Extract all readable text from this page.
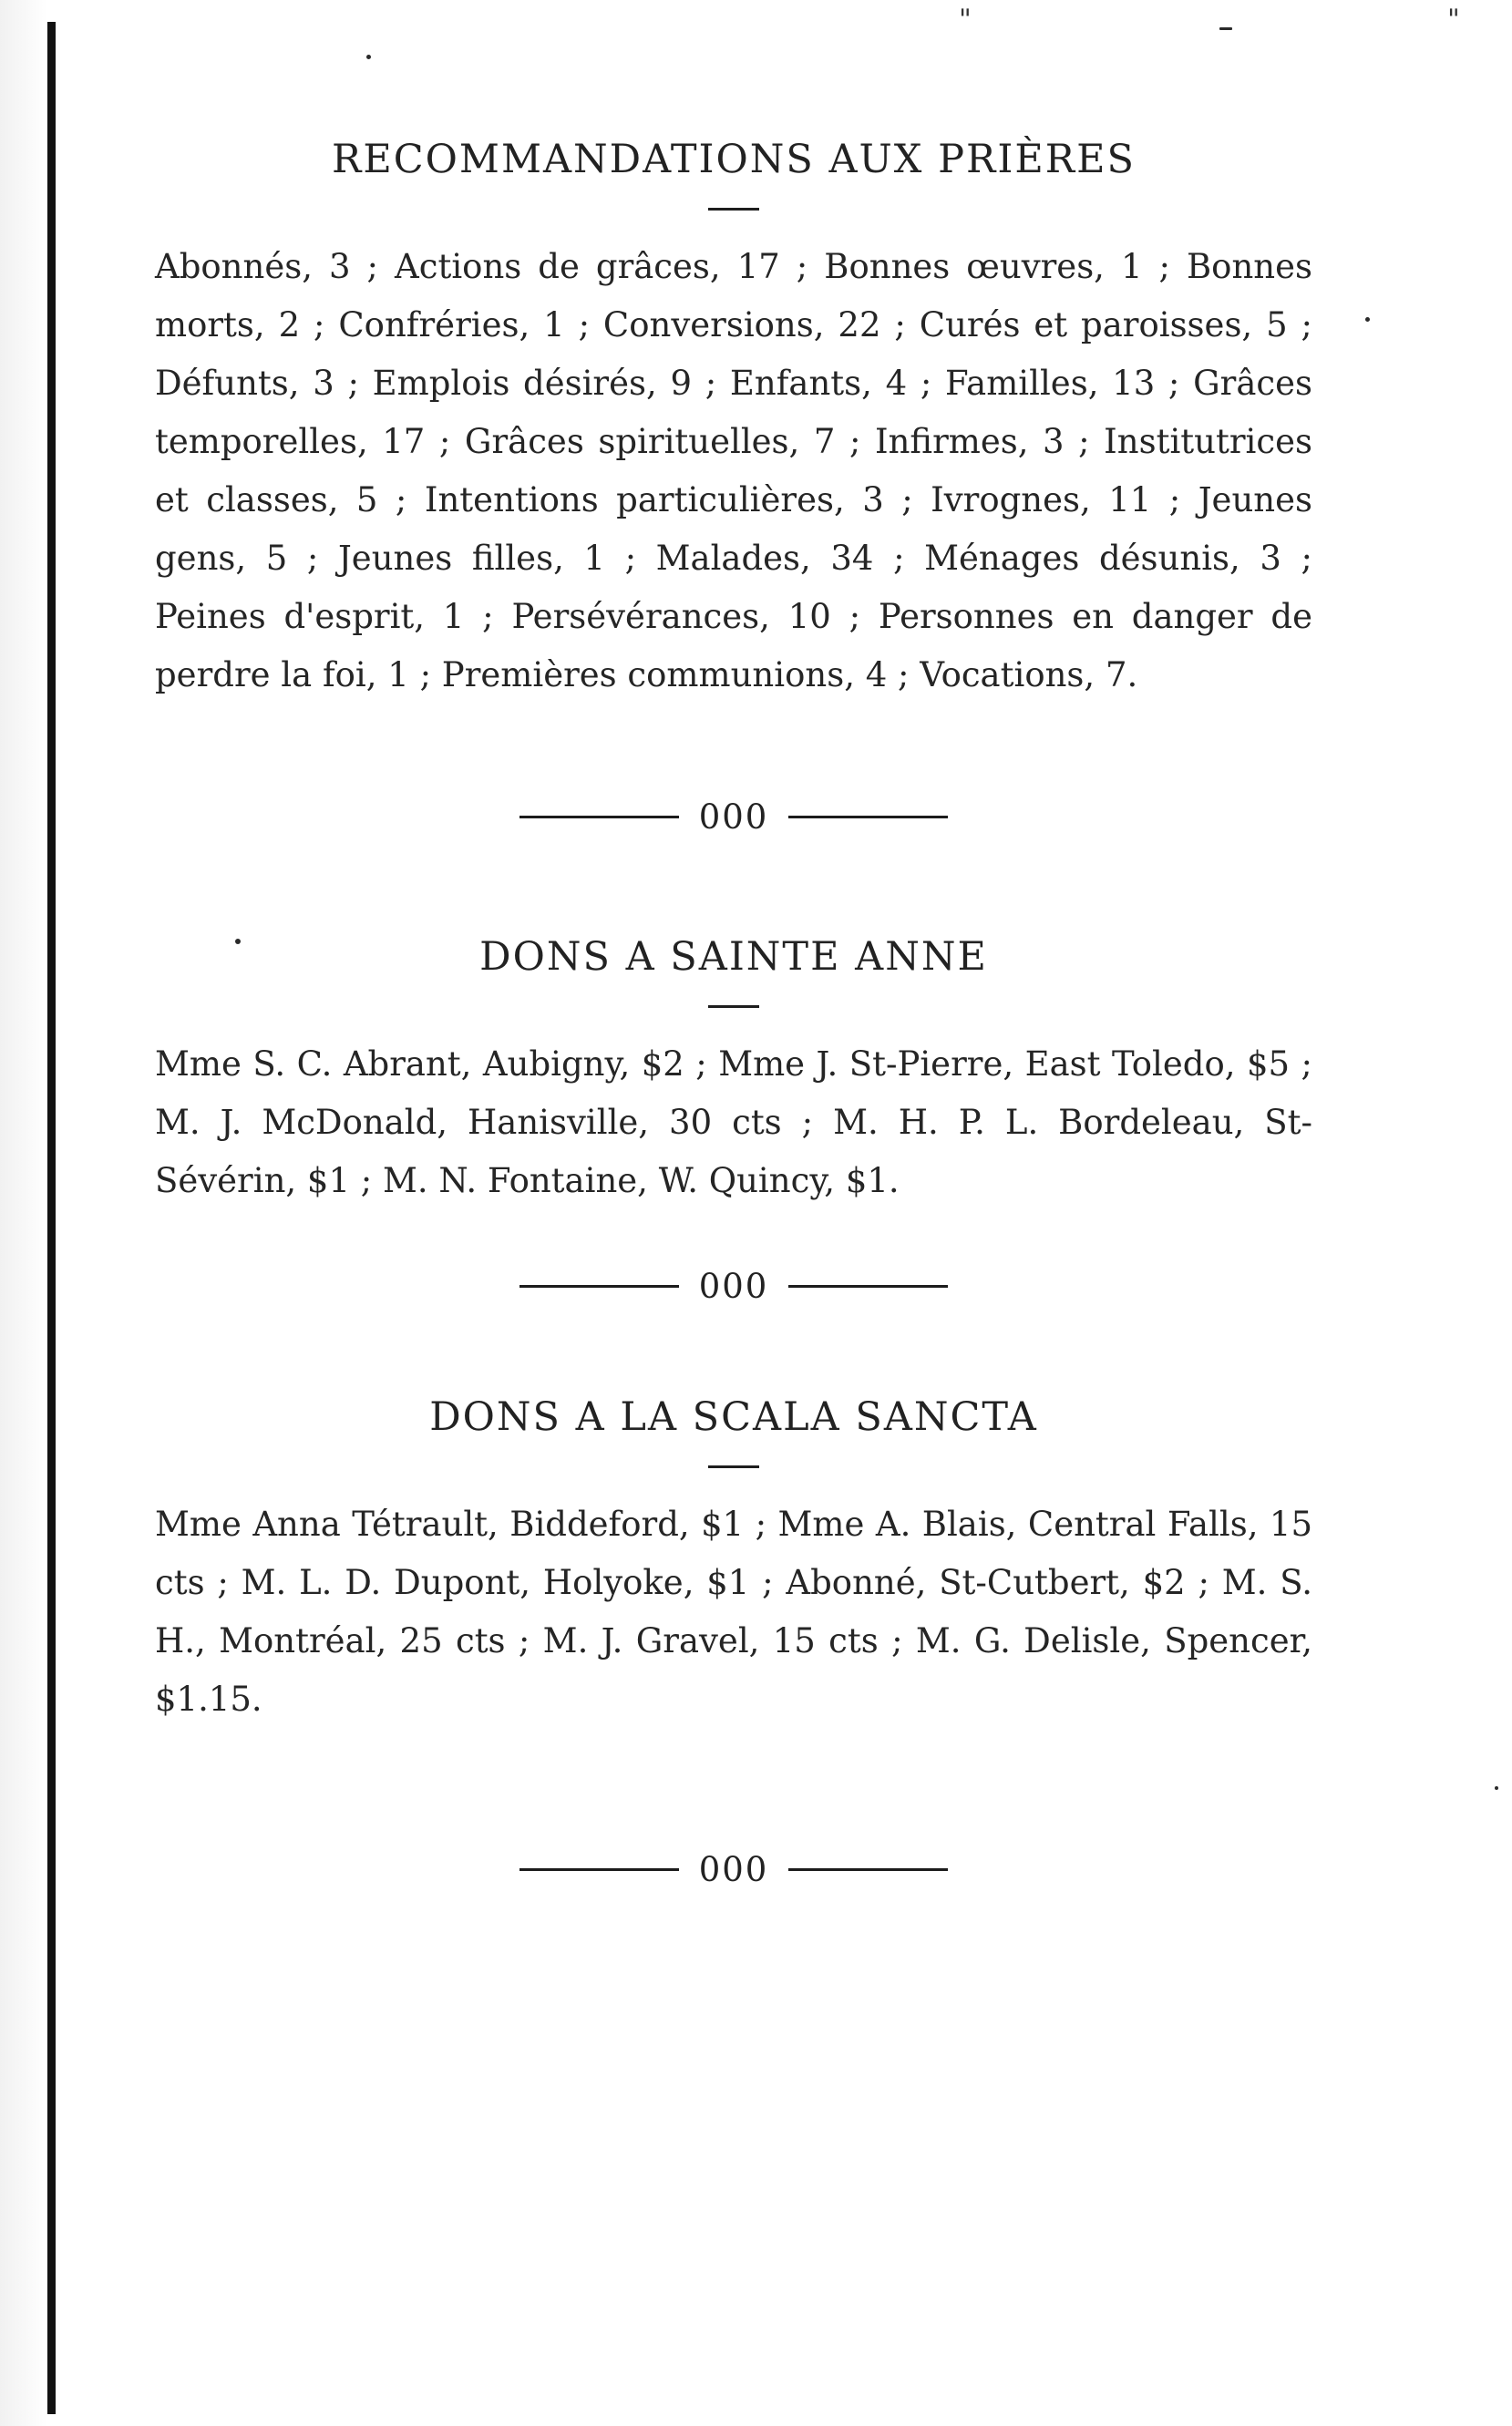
"	"
RECOMMANDATIONS AUX PRIÈRES

Abonnés, 3 ; Actions de grâces, 17 ; Bonnes œuvres, 1 ; Bonnes morts, 2 ; Confréries, 1 ; Conversions, 22 ; Curés et paroisses, 5 ; Défunts, 3 ; Emplois désirés, 9 ; Enfants, 4 ; Familles, 13 ; Grâces temporelles, 17 ; Grâces spirituelles, 7 ; Infirmes, 3 ; Institutrices et classes, 5 ; Intentions particulières, 3 ; Ivrognes, 11 ; Jeunes gens, 5 ; Jeunes filles, 1 ; Malades, 34 ; Ménages désunis, 3 ; Peines d'esprit, 1 ; Persévérances, 10 ; Personnes en danger de perdre la foi, 1 ; Premières communions, 4 ; Vocations, 7.

000
DONS A SAINTE ANNE

Mme S. C. Abrant, Aubigny, $2 ; Mme J. St-Pierre, East Toledo, $5 ; M. J. McDonald, Hanisville, 30 cts ; M. H. P. L. Bordeleau, St-Sévérin, $1 ; M. N. Fontaine, W. Quincy, $1.

000
DONS A LA SCALA SANCTA

Mme Anna Tétrault, Biddeford, $1 ; Mme A. Blais, Central Falls, 15 cts ; M. L. D. Dupont, Holyoke, $1 ; Abonné, St-Cutbert, $2 ; M. S. H., Montréal, 25 cts ; M. J. Gravel, 15 cts ; M. G. Delisle, Spencer, $1.15.

000
